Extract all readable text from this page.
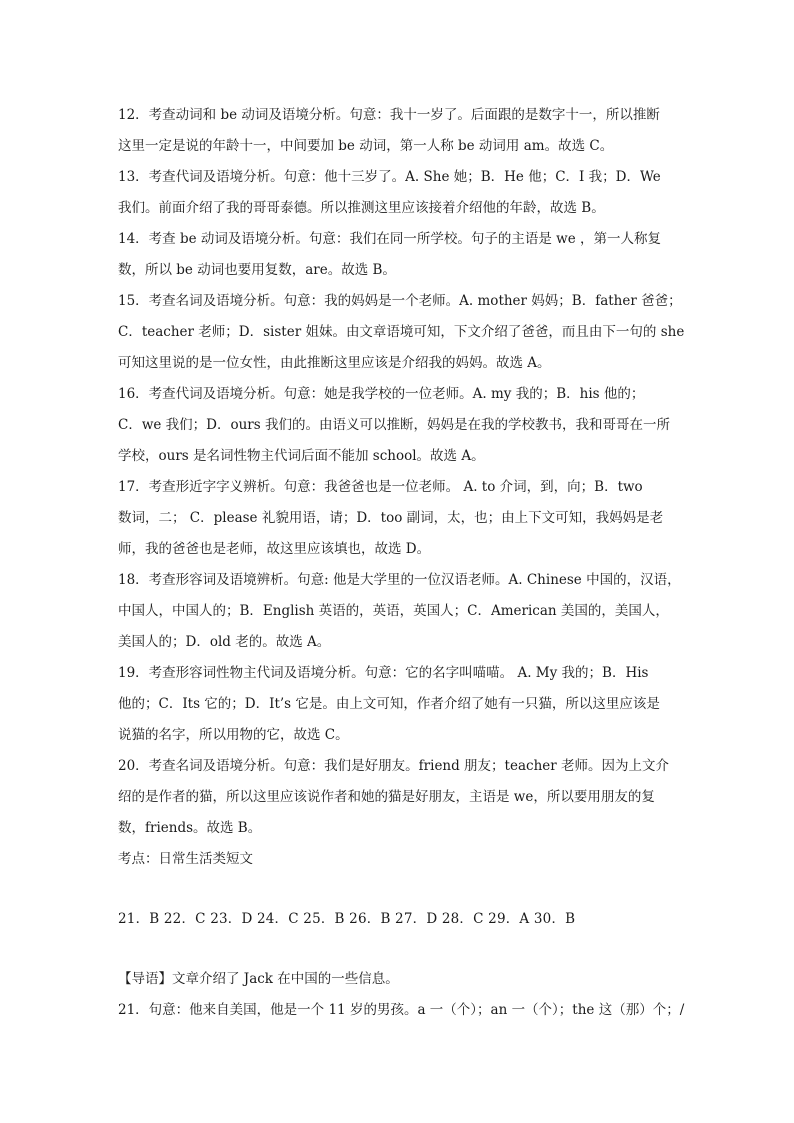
12．考查动词和 be 动词及语境分析。句意：我十一岁了。后面跟的是数字十一，所以推断
这里一定是说的年龄十一，中间要加 be 动词，第一人称 be 动词用 am。故选 C。

13．考查代词及语境分析。句意：他十三岁了。A. She 她；B．He 他；C．I 我；D．We
我们。前面介绍了我的哥哥泰德。所以推测这里应该接着介绍他的年龄，故选 B。

14．考查 be 动词及语境分析。句意：我们在同一所学校。句子的主语是 we ，第一人称复
数，所以 be 动词也要用复数，are。故选 B。

15．考查名词及语境分析。句意：我的妈妈是一个老师。A. mother 妈妈；B．father 爸爸；
C．teacher 老师；D．sister 姐妹。由文章语境可知，下文介绍了爸爸，而且由下一句的 she
可知这里说的是一位女性，由此推断这里应该是介绍我的妈妈。故选 A。

16．考查代词及语境分析。句意：她是我学校的一位老师。A. my 我的；B．his 他的；
C．we 我们；D．ours 我们的。由语义可以推断，妈妈是在我的学校教书，我和哥哥在一所
学校，ours 是名词性物主代词后面不能加 school。故选 A。

17．考查形近字字义辨析。句意：我爸爸也是一位老师。 A. to 介词，到，向；B．two
数词，二； C．please 礼貌用语，请；D．too 副词，太，也；由上下文可知，我妈妈是老
师，我的爸爸也是老师，故这里应该填也，故选 D。

18．考查形容词及语境辨析。句意: 他是大学里的一位汉语老师。A. Chinese 中国的，汉语，
中国人，中国人的；B．English 英语的，英语，英国人；C．American 美国的，美国人，
美国人的；D．old 老的。故选 A。

19．考查形容词性物主代词及语境分析。句意：它的名字叫喵喵。 A. My 我的；B．His
他的；C．Its 它的；D．It’s 它是。由上文可知，作者介绍了她有一只猫，所以这里应该是
说猫的名字，所以用物的它，故选 C。

20．考查名词及语境分析。句意：我们是好朋友。friend 朋友；teacher 老师。因为上文介
绍的是作者的猫，所以这里应该说作者和她的猫是好朋友，主语是 we，所以要用朋友的复
数，friends。故选 B。

考点：日常生活类短文

21．B 22．C 23．D 24．C 25．B 26．B 27．D 28．C 29．A 30．B

【导语】文章介绍了 Jack 在中国的一些信息。

21．句意：他来自美国，他是一个 11 岁的男孩。a 一（个）；an 一（个）；the 这（那）个；/
